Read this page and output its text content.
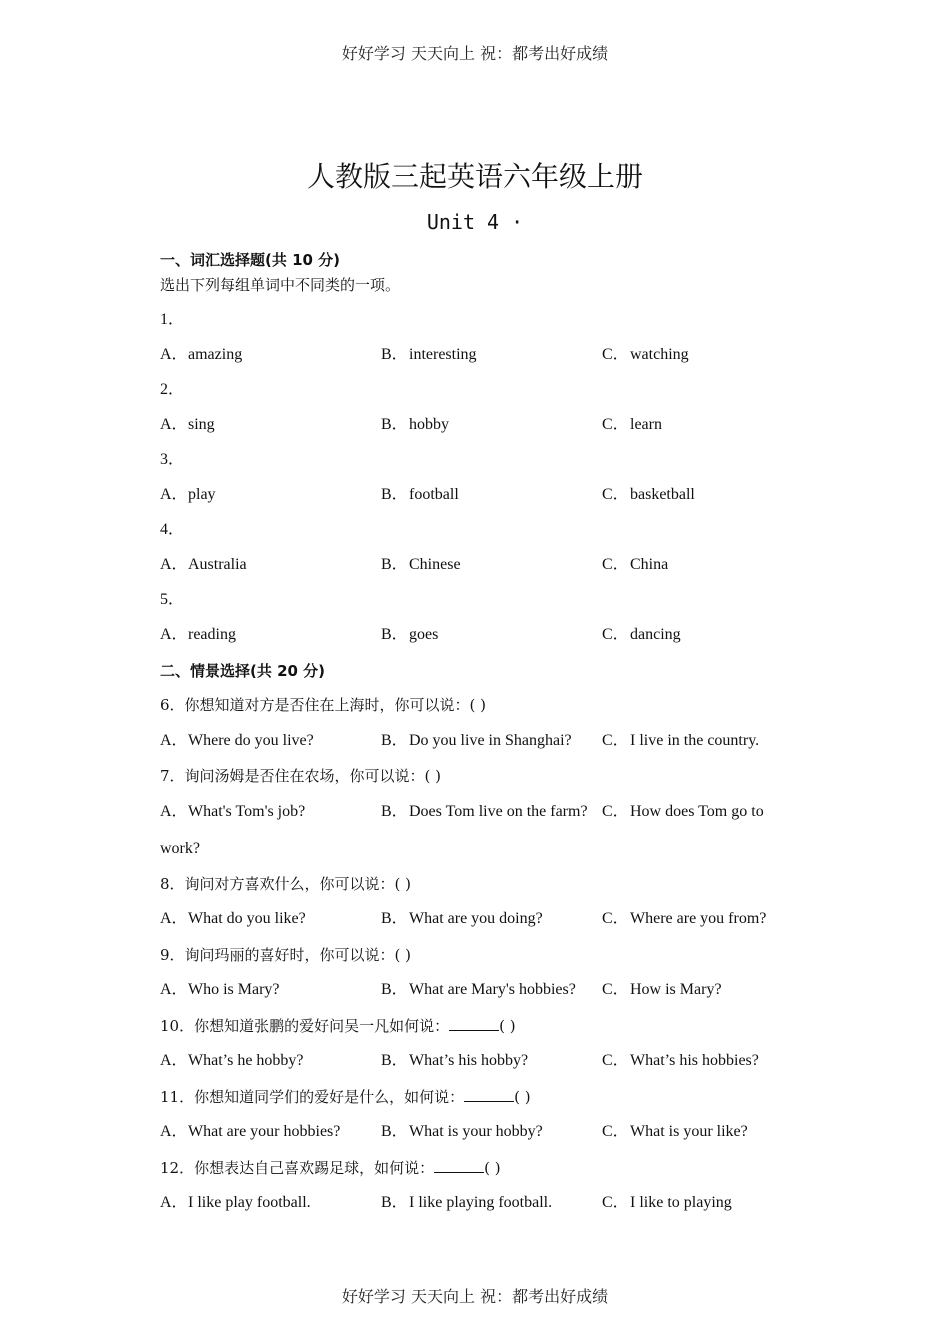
好好学习 天天向上 祝：都考出好成绩
人教版三起英语六年级上册
Unit 4 ·
一、词汇选择题(共 10 分)
选出下列每组单词中不同类的一项。
1．
A．amazing	B．interesting	C．watching
2．
A．sing	B．hobby	C．learn
3．
A．play	B．football	C．basketball
4．
A．Australia	B．Chinese	C．China
5．
A．reading	B．goes	C．dancing
二、情景选择(共 20 分)
6．你想知道对方是否住在上海时，你可以说：( )
A．Where do you live?	B．Do you live in Shanghai? C．I live in the country.
7．询问汤姆是否住在农场，你可以说：( )
A．What's Tom's job?	B．Does Tom live on the farm? C．How does Tom go to
work?
8．询问对方喜欢什么，你可以说：( )
A．What do you like?	B．What are you doing?	C．Where are you from?
9．询问玛丽的喜好时，你可以说：( )
A．Who is Mary?	B．What are Mary's hobbies? C．How is Mary?
10．你想知道张鹏的爱好问吴一凡如何说：	( )
A．What’s he hobby?	B．What’s his hobby?	C．What’s his hobbies?
11．你想知道同学们的爱好是什么，如何说：	( )
A．What are your hobbies?	B．What is your hobby?	C．What is your like?
12．你想表达自己喜欢踢足球，如何说：	( )
A．I like play football.	B．I like playing football.	C．I like to playing
好好学习 天天向上 祝：都考出好成绩
